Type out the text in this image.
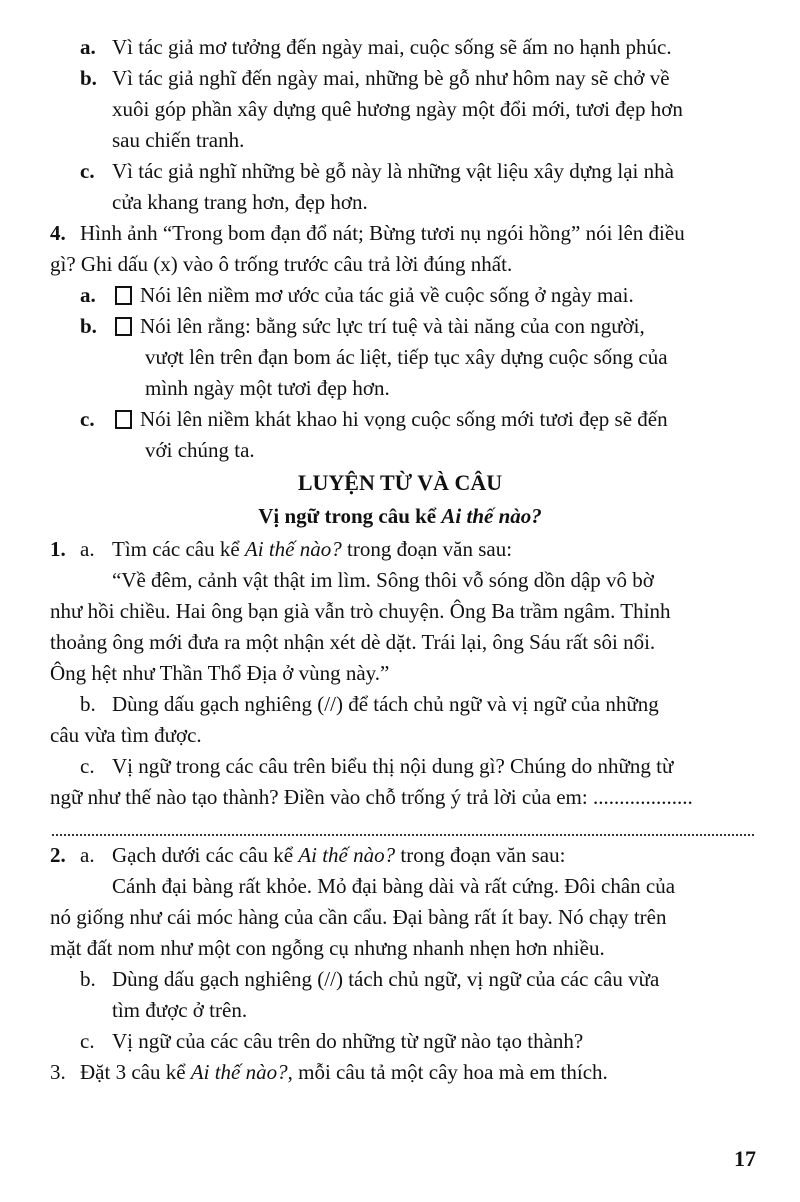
a. Vì tác giả mơ tưởng đến ngày mai, cuộc sống sẽ ấm no hạnh phúc.
b. Vì tác giả nghĩ đến ngày mai, những bè gỗ như hôm nay sẽ chở về
xuôi góp phần xây dựng quê hương ngày một đổi mới, tươi đẹp hơn
sau chiến tranh.
c. Vì tác giả nghĩ những bè gỗ này là những vật liệu xây dựng lại nhà
cửa khang trang hơn, đẹp hơn.
4. Hình ảnh “Trong bom đạn đổ nát; Bừng tươi nụ ngói hồng” nói lên điều
gì? Ghi dấu (x) vào ô trống trước câu trả lời đúng nhất.
a.	Nói lên niềm mơ ước của tác giả về cuộc sống ở ngày mai.
b.	Nói lên rằng: bằng sức lực trí tuệ và tài năng của con người,
vượt lên trên đạn bom ác liệt, tiếp tục xây dựng cuộc sống của
mình ngày một tươi đẹp hơn.
c.	Nói lên niềm khát khao hi vọng cuộc sống mới tươi đẹp sẽ đến
với chúng ta.
LUYỆN TỪ VÀ CÂU
Vị ngữ trong câu kể Ai thế nào?
1. a. Tìm các câu kể Ai thế nào? trong đoạn văn sau:
“Về đêm, cảnh vật thật im lìm. Sông thôi vỗ sóng dồn dập vô bờ
như hồi chiều. Hai ông bạn già vẫn trò chuyện. Ông Ba trầm ngâm. Thỉnh
thoảng ông mới đưa ra một nhận xét dè dặt. Trái lại, ông Sáu rất sôi nổi.
Ông hệt như Thần Thổ Địa ở vùng này.”
b. Dùng dấu gạch nghiêng (//) để tách chủ ngữ và vị ngữ của những
câu vừa tìm được.
c. Vị ngữ trong các câu trên biểu thị nội dung gì? Chúng do những từ
ngữ như thế nào tạo thành? Điền vào chỗ trống ý trả lời của em: ...................
2. a. Gạch dưới các câu kể Ai thế nào? trong đoạn văn sau:
Cánh đại bàng rất khỏe. Mỏ đại bàng dài và rất cứng. Đôi chân của
nó giống như cái móc hàng của cần cẩu. Đại bàng rất ít bay. Nó chạy trên
mặt đất nom như một con ngỗng cụ nhưng nhanh nhẹn hơn nhiều.
b. Dùng dấu gạch nghiêng (//) tách chủ ngữ, vị ngữ của các câu vừa
tìm được ở trên.
c. Vị ngữ của các câu trên do những từ ngữ nào tạo thành?
3. Đặt 3 câu kể Ai thế nào?, mỗi câu tả một cây hoa mà em thích.
17
